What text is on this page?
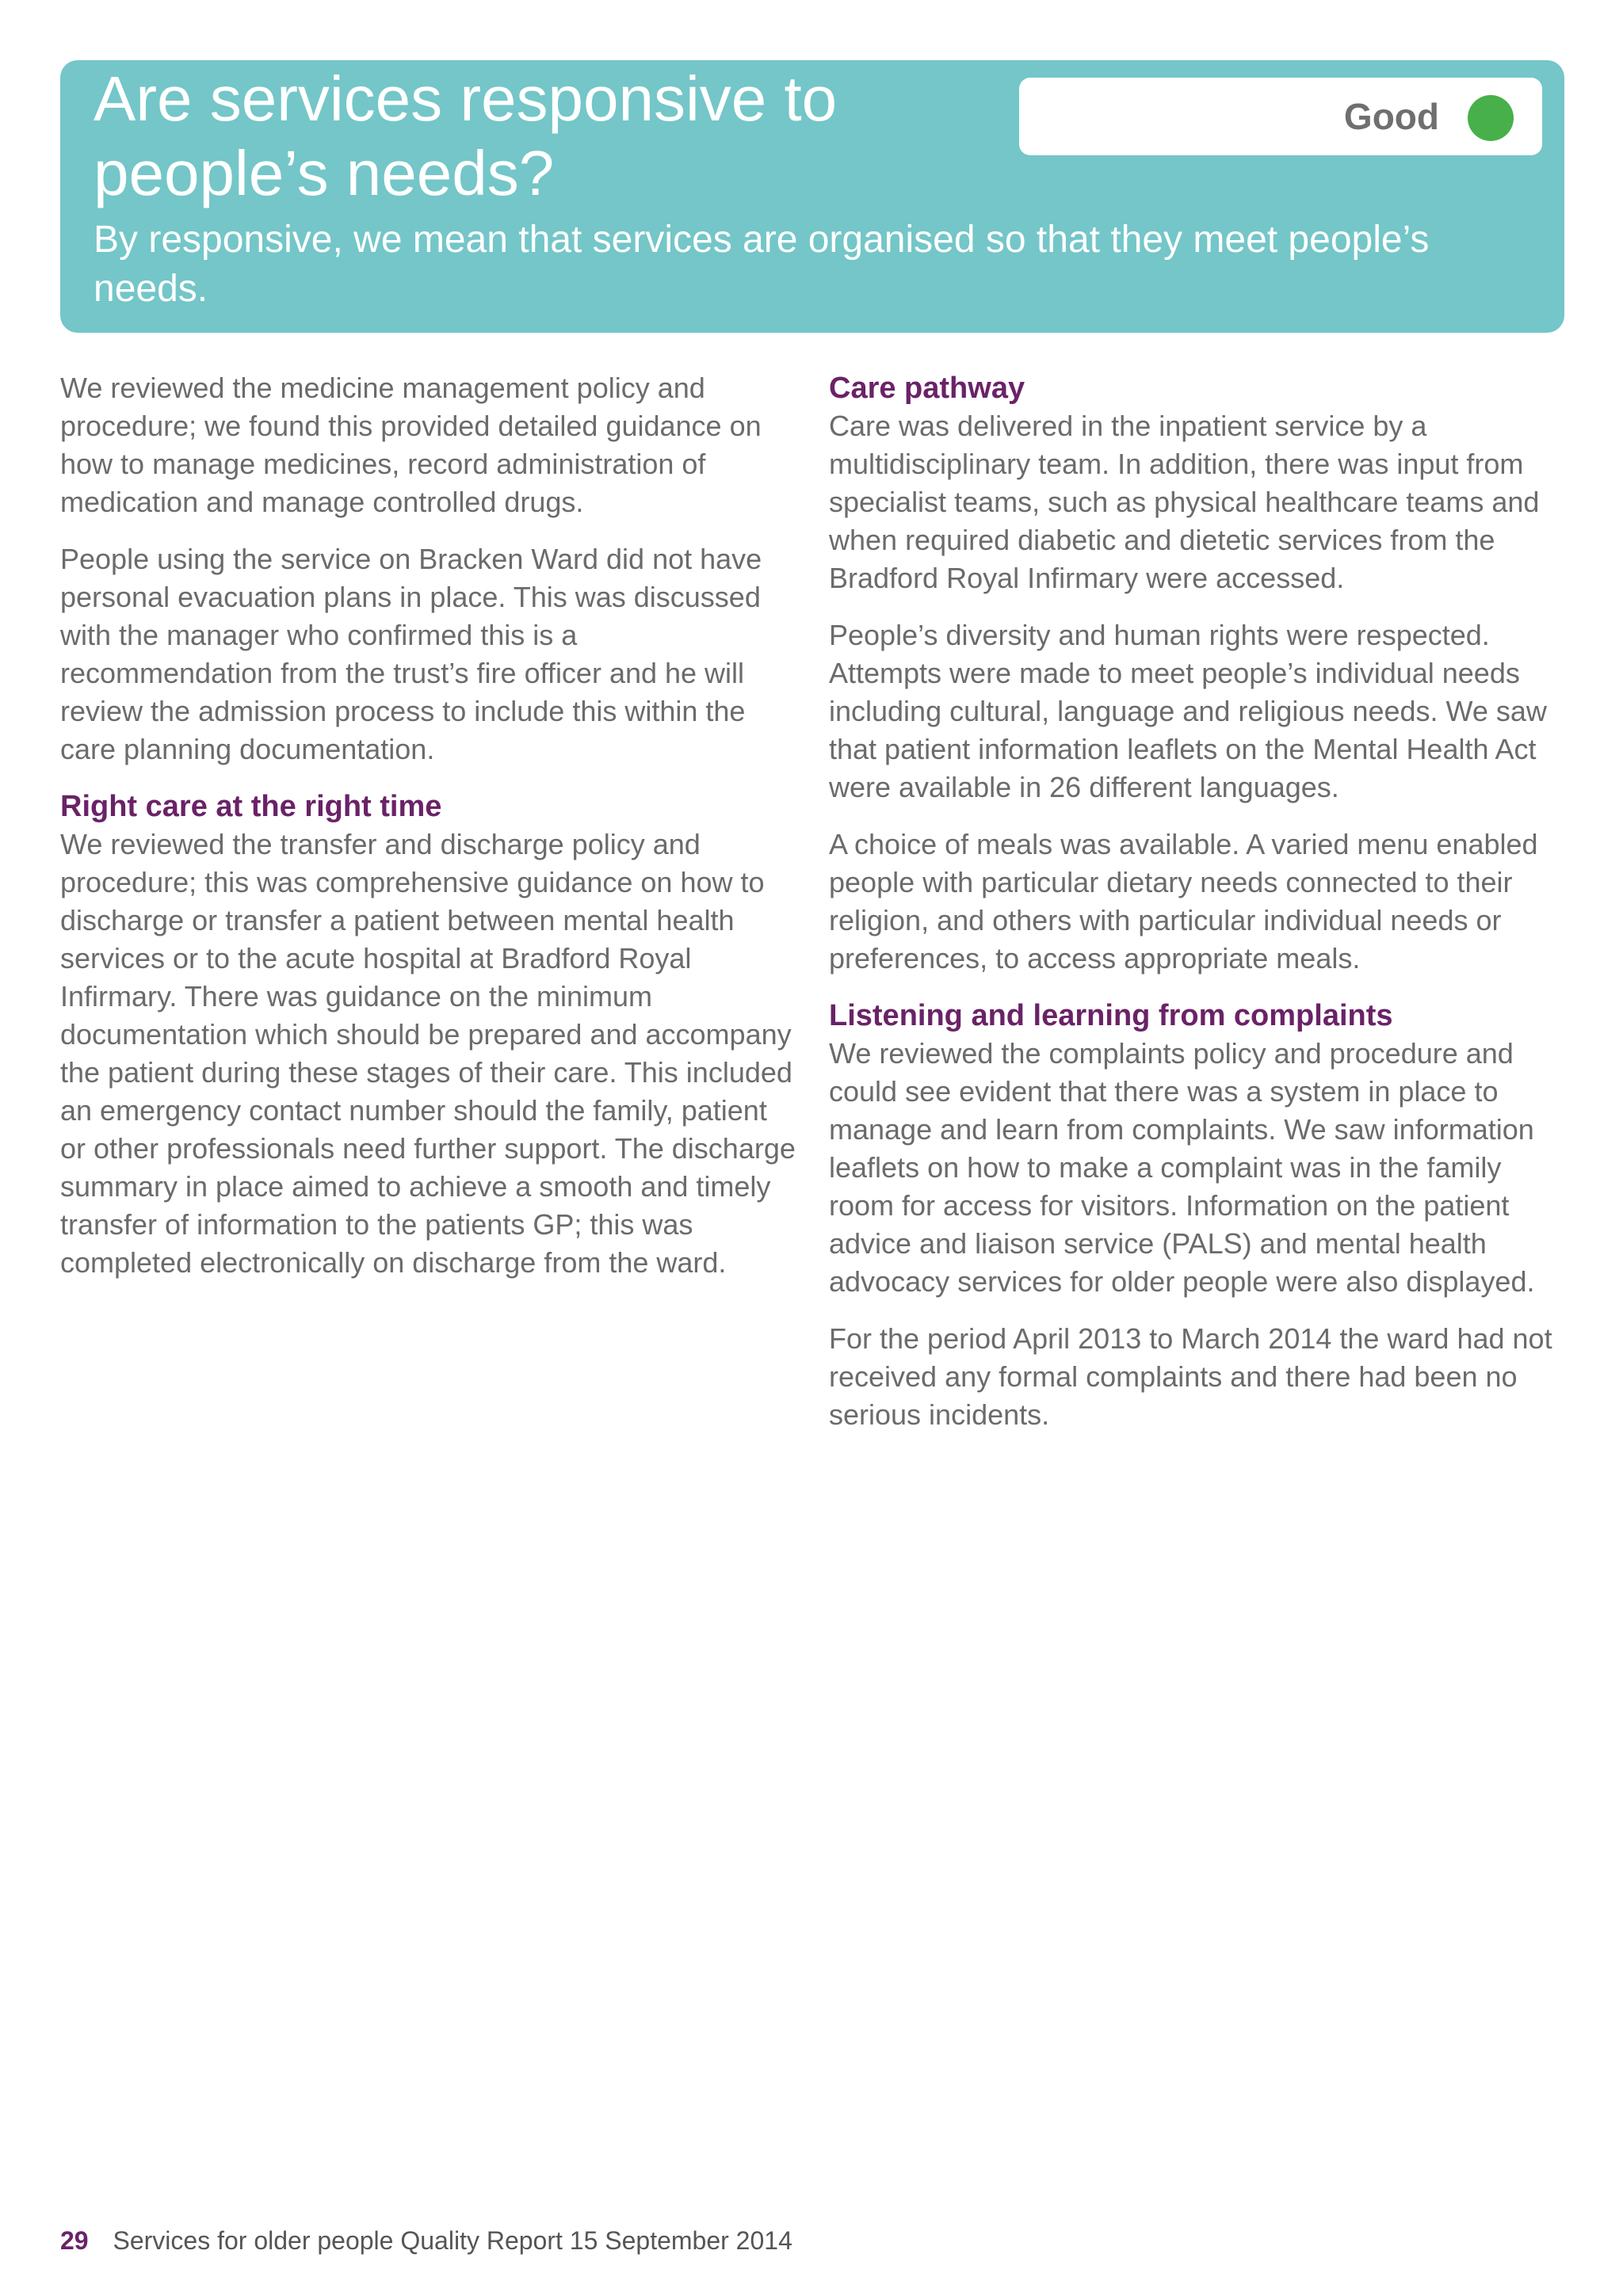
Are services responsive to people’s needs?
Good

By responsive, we mean that services are organised so that they meet people’s needs.

We reviewed the medicine management policy and procedure; we found this provided detailed guidance on how to manage medicines, record administration of medication and manage controlled drugs.

People using the service on Bracken Ward did not have personal evacuation plans in place. This was discussed with the manager who confirmed this is a recommendation from the trust’s fire officer and he will review the admission process to include this within the care planning documentation.

Right care at the right time

We reviewed the transfer and discharge policy and procedure; this was comprehensive guidance on how to discharge or transfer a patient between mental health services or to the acute hospital at Bradford Royal Infirmary. There was guidance on the minimum documentation which should be prepared and accompany the patient during these stages of their care. This included an emergency contact number should the family, patient or other professionals need further support. The discharge summary in place aimed to achieve a smooth and timely transfer of information to the patients GP; this was completed electronically on discharge from the ward.

Care pathway

Care was delivered in the inpatient service by a multidisciplinary team. In addition, there was input from specialist teams, such as physical healthcare teams and when required diabetic and dietetic services from the Bradford Royal Infirmary were accessed.

People’s diversity and human rights were respected. Attempts were made to meet people’s individual needs including cultural, language and religious needs. We saw that patient information leaflets on the Mental Health Act were available in 26 different languages.

A choice of meals was available. A varied menu enabled people with particular dietary needs connected to their religion, and others with particular individual needs or preferences, to access appropriate meals.

Listening and learning from complaints

We reviewed the complaints policy and procedure and could see evident that there was a system in place to manage and learn from complaints. We saw information leaflets on how to make a complaint was in the family room for access for visitors. Information on the patient advice and liaison service (PALS) and mental health advocacy services for older people were also displayed.

For the period April 2013 to March 2014 the ward had not received any formal complaints and there had been no serious incidents.

29 Services for older people Quality Report 15 September 2014
